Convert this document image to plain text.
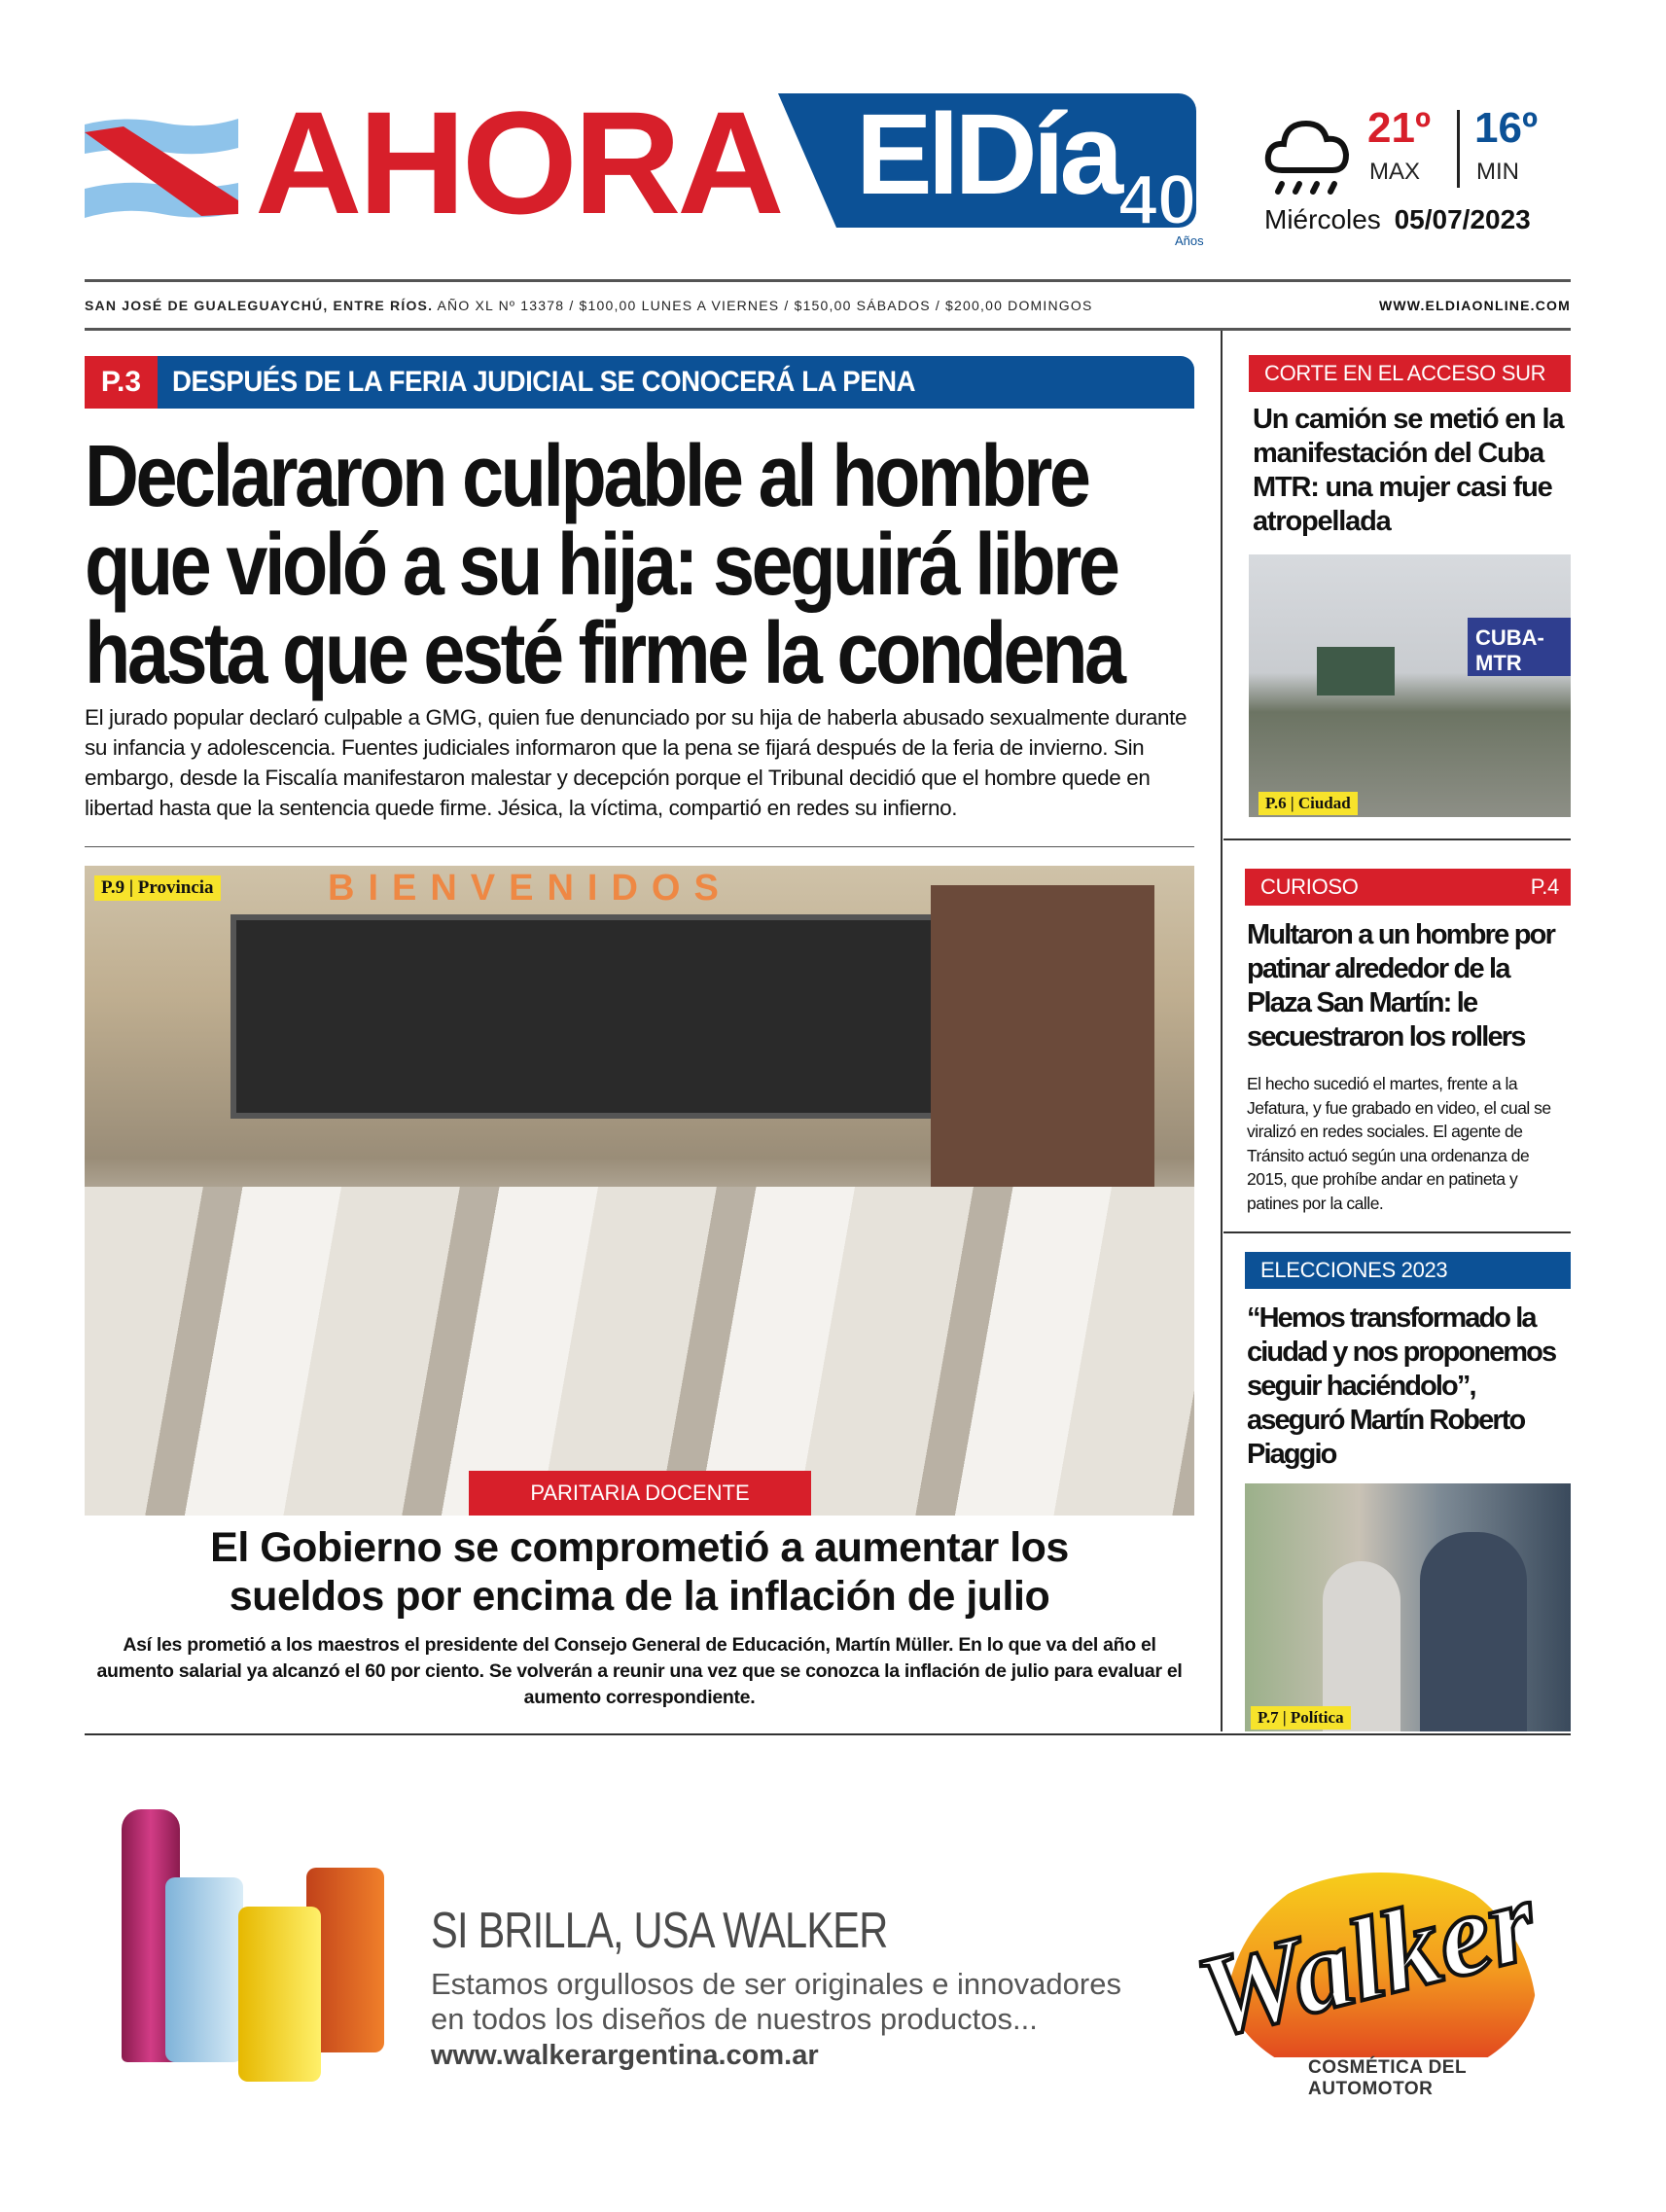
AHORA ElDía 40
Años
21º
MAX
16º
MIN
Miércoles 05/07/2023
SAN JOSÉ DE GUALEGUAYCHÚ, ENTRE RÍOS. AÑO XL Nº 13378 / $100,00 LUNES A VIERNES / $150,00 SÁBADOS / $200,00 DOMINGOS	WWW.ELDIAONLINE.COM
P.3	DESPUÉS DE LA FERIA JUDICIAL SE CONOCERÁ LA PENA
Declararon culpable al hombre
que violó a su hija: seguirá libre
hasta que esté firme la condena
El jurado popular declaró culpable a GMG, quien fue denunciado por su hija de haberla abusado sexualmente durante su infancia y adolescencia. Fuentes judiciales informaron que la pena se fijará después de la feria de invierno. Sin embargo, desde la Fiscalía manifestaron malestar y decepción porque el Tribunal decidió que el hombre quede en libertad hasta que la sentencia quede firme. Jésica, la víctima, compartió en redes su infierno.
BIENVENIDOS
P.9 | Provincia
PARITARIA DOCENTE
El Gobierno se comprometió a aumentar los
sueldos por encima de la inflación de julio
Así les prometió a los maestros el presidente del Consejo General de Educación, Martín Müller. En lo que va del año el aumento salarial ya alcanzó el 60 por ciento. Se volverán a reunir una vez que se conozca la inflación de julio para evaluar el aumento correspondiente.
CORTE EN EL ACCESO SUR
Un camión se metió en la manifestación del Cuba MTR: una mujer casi fue atropellada
CUBA-MTR
P.6 | Ciudad
CURIOSO	P.4
Multaron a un hombre por patinar alrededor de la Plaza San Martín: le secuestraron los rollers
El hecho sucedió el martes, frente a la Jefatura, y fue grabado en video, el cual se viralizó en redes sociales. El agente de Tránsito actuó según una ordenanza de 2015, que prohíbe andar en patineta y patines por la calle.
ELECCIONES 2023
“Hemos transformado la ciudad y nos proponemos seguir haciéndolo”, aseguró Martín Roberto Piaggio
P.7 | Política
SI BRILLA, USA WALKER
Estamos orgullosos de ser originales e innovadores
en todos los diseños de nuestros productos...
www.walkerargentina.com.ar	Walker
COSMÉTICA DEL AUTOMOTOR
